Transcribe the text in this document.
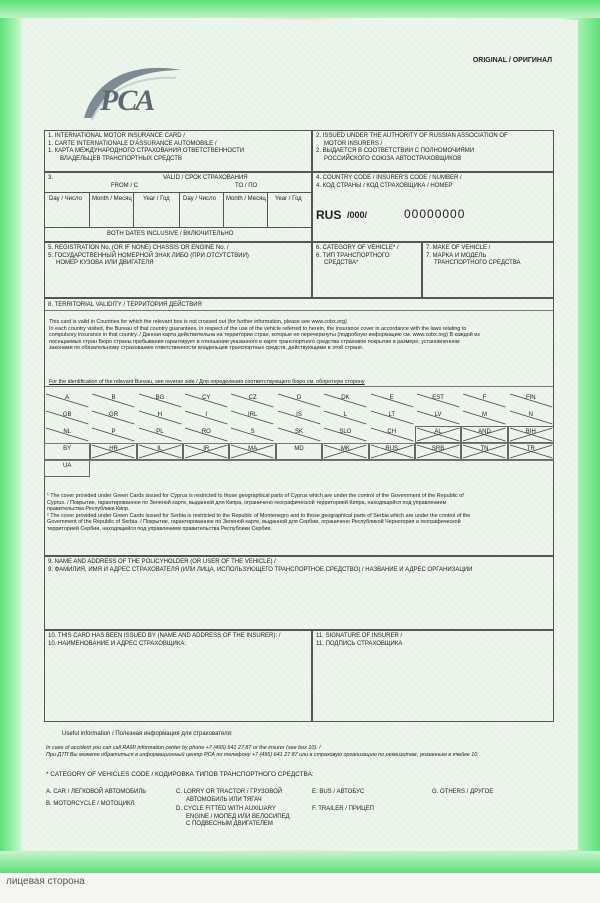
ORIGINAL / ОРИГИНАЛ
РСА
1. INTERNATIONAL MOTOR INSURANCE CARD /
1. CARTE INTERNATIONALE D'ASSURANCE AUTOMOBILE /
1. КАРТА МЕЖДУНАРОДНОГО СТРАХОВАНИЯ ОТВЕТСТВЕННОСТИ
ВЛАДЕЛЬЦЕВ ТРАНСПОРТНЫХ СРЕДСТВ
2. ISSUED UNDER THE AUTHORITY OF RUSSIAN ASSOCIATION OF
MOTOR INSURERS /
2. ВЫДАЕТСЯ В СООТВЕТСТВИИ С ПОЛНОМОЧИЯМИ
РОССИЙСКОГО СОЮЗА АВТОСТРАХОВЩИКОВ
3.	VALID / СРОК СТРАХОВАНИЯ
FROM / С	TO / ПО
Day / Число Month / Месяц Year / Год Day / Число Month / Месяц Year / Год
BOTH DATES INCLUSIVE / ВКЛЮЧИТЕЛЬНО
4. COUNTRY CODE / INSURER'S CODE / NUMBER /
4. КОД СТРАНЫ / КОД СТРАХОВЩИКА / НОМЕР
RUS /000/	00000000
5. REGISTRATION No. (OR IF NONE) CHASSIS OR ENGINE No. /
5. ГОСУДАРСТВЕННЫЙ НОМЕРНОЙ ЗНАК ЛИБО (ПРИ ОТСУТСТВИИ)
НОМЕР КУЗОВА ИЛИ ДВИГАТЕЛЯ
6. CATEGORY OF VEHICLE* /
6. ТИП ТРАНСПОРТНОГО
СРЕДСТВА*
7. MAKE OF VEHICLE /
7. МАРКА И МОДЕЛЬ
ТРАНСПОРТНОГО СРЕДСТВА
8. TERRITORIAL VALIDITY / ТЕРРИТОРИЯ ДЕЙСТВИЯ
This card is valid in Countries for which the relevant box is not crossed out (for further information, please see www.cobx.org)
In each country visited, the Bureau of that country guarantees, in respect of the use of the vehicle referred to herein, the insurance cover in accordance with the laws relating to
compulsory insurance in that country. / Данная карта действительна на территории стран, которые не перечеркнуты (подробную информацию см. www.cobx.org) В каждой из
посещаемых стран Бюро страны пребывания гарантирует в отношении указанного в карте транспортного средства страховое покрытие в размере, установленном
законами по обязательному страхованию ответственности владельцев транспортных средств, действующими в этой стране.
For the identification of the relevant Bureau, see reverse side / Для определения соответствующего бюро см. оборотную сторону
A	B	BG	CY	CZ	D	DK	E	EST	F	FIN
GB	GR	H	I	IRL	IS	L	LT	LV	M	N
NL	P	PL	RO	S	SK	SLO	CH	AL	AND	BIH
BY	HR	IL	IR	MA	MD	MK	RUS	SRB	TN	TR
UA
¹ The cover provided under Green Cards issued for Cyprus is restricted to those geographical parts of Cyprus which are under the control of the Government of the Republic of
Cyprus. / Покрытие, гарантированное по Зеленой карте, выданной для Кипра, ограничено географической территорией Кипра, находящейся под управлением
правительства Республики Кипр.
² The cover provided under Green Cards issued for Serbia is restricted to the Republic of Montenegro and to those geographical parts of Serbia which are under the control of the
Government of the Republic of Serbia. / Покрытие, гарантированное по Зеленой карте, выданной для Сербии, ограничено Республикой Черногория и географической
территорией Сербии, находящейся под управлением правительства Республики Сербия.
9. NAME AND ADDRESS OF THE POLICYHOLDER (OR USER OF THE VEHICLE) /
9. ФАМИЛИЯ, ИМЯ И АДРЕС СТРАХОВАТЕЛЯ (ИЛИ ЛИЦА, ИСПОЛЬЗУЮЩЕГО ТРАНСПОРТНОЕ СРЕДСТВО) / НАЗВАНИЕ И АДРЕС ОРГАНИЗАЦИИ
10. THIS CARD HAS BEEN ISSUED BY (NAME AND ADDRESS OF THE INSURER): /
10. НАИМЕНОВАНИЕ И АДРЕС СТРАХОВЩИКА:
11. SIGNATURE OF INSURER /
11. ПОДПИСЬ СТРАХОВЩИКА
Useful information / Полезная информация для страхователя:
In case of accident you can call RAMI information center by phone +7 (495) 641 27 87 or the insurer (see box 10). /
При ДТП Вы можете обратиться в информационный центр РСА по телефону +7 (495) 641 27 87 или в страховую организацию по реквизитам, указанным в ячейке 10.
* CATEGORY OF VEHICLES CODE / КОДИРОВКА ТИПОВ ТРАНСПОРТНОГО СРЕДСТВА:
A. CAR / ЛЕГКОВОЙ АВТОМОБИЛЬ
B. MOTORCYCLE / МОТОЦИКЛ
C. LORRY OR TRACTOR / ГРУЗОВОЙ
АВТОМОБИЛЬ ИЛИ ТЯГАЧ
D. CYCLE FITTED WITH AUXILIARY
ENGINE / МОПЕД ИЛИ ВЕЛОСИПЕД
С ПОДВЕСНЫМ ДВИГАТЕЛЕМ
E. BUS / АВТОБУС
F. TRAILER / ПРИЦЕП
G. OTHERS / ДРУГОЕ
лицевая сторона
